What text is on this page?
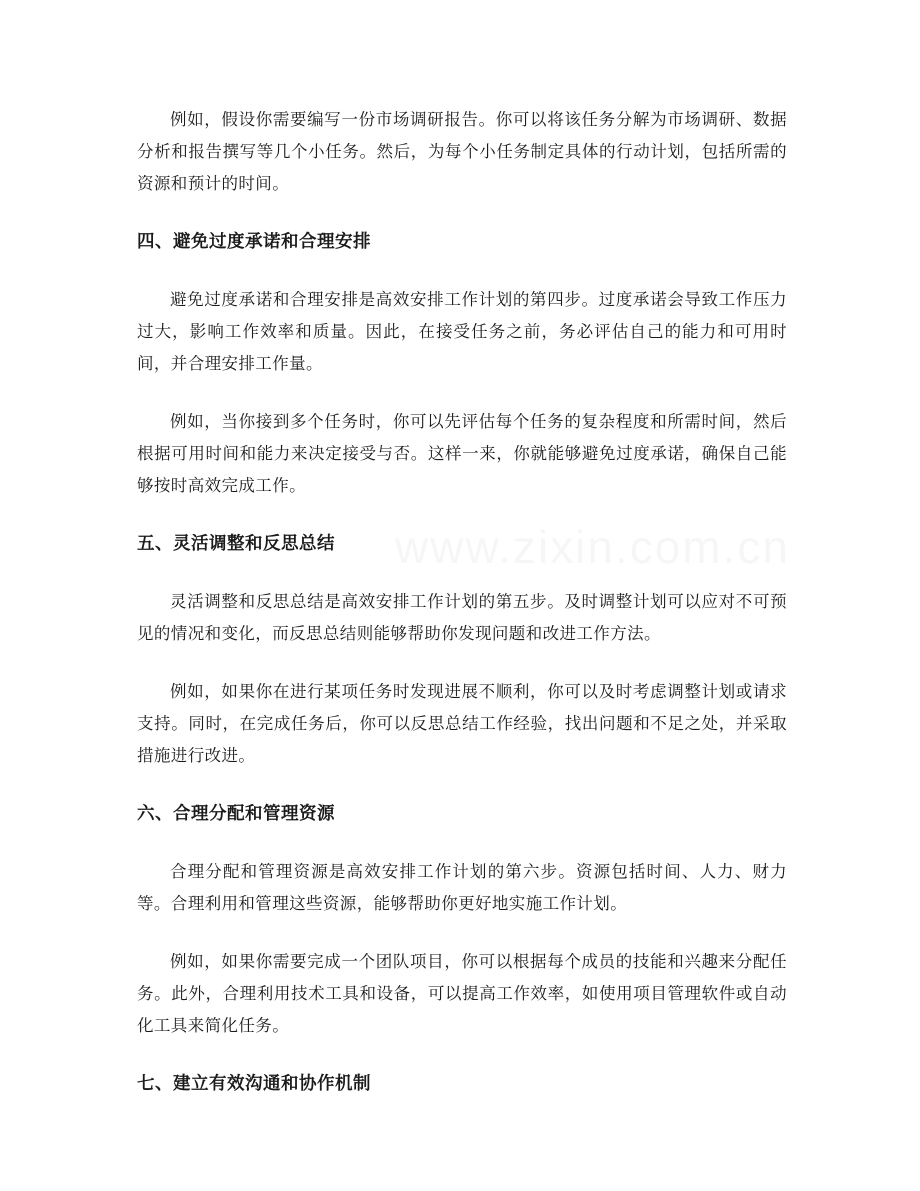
例如，假设你需要编写一份市场调研报告。你可以将该任务分解为市场调研、数据分析和报告撰写等几个小任务。然后，为每个小任务制定具体的行动计划，包括所需的资源和预计的时间。

四、避免过度承诺和合理安排

避免过度承诺和合理安排是高效安排工作计划的第四步。过度承诺会导致工作压力过大，影响工作效率和质量。因此，在接受任务之前，务必评估自己的能力和可用时间，并合理安排工作量。

例如，当你接到多个任务时，你可以先评估每个任务的复杂程度和所需时间，然后根据可用时间和能力来决定接受与否。这样一来，你就能够避免过度承诺，确保自己能够按时高效完成工作。

五、灵活调整和反思总结

灵活调整和反思总结是高效安排工作计划的第五步。及时调整计划可以应对不可预见的情况和变化，而反思总结则能够帮助你发现问题和改进工作方法。

例如，如果你在进行某项任务时发现进展不顺利，你可以及时考虑调整计划或请求支持。同时，在完成任务后，你可以反思总结工作经验，找出问题和不足之处，并采取措施进行改进。

六、合理分配和管理资源

合理分配和管理资源是高效安排工作计划的第六步。资源包括时间、人力、财力等。合理利用和管理这些资源，能够帮助你更好地实施工作计划。

例如，如果你需要完成一个团队项目，你可以根据每个成员的技能和兴趣来分配任务。此外，合理利用技术工具和设备，可以提高工作效率，如使用项目管理软件或自动化工具来简化任务。

七、建立有效沟通和协作机制
